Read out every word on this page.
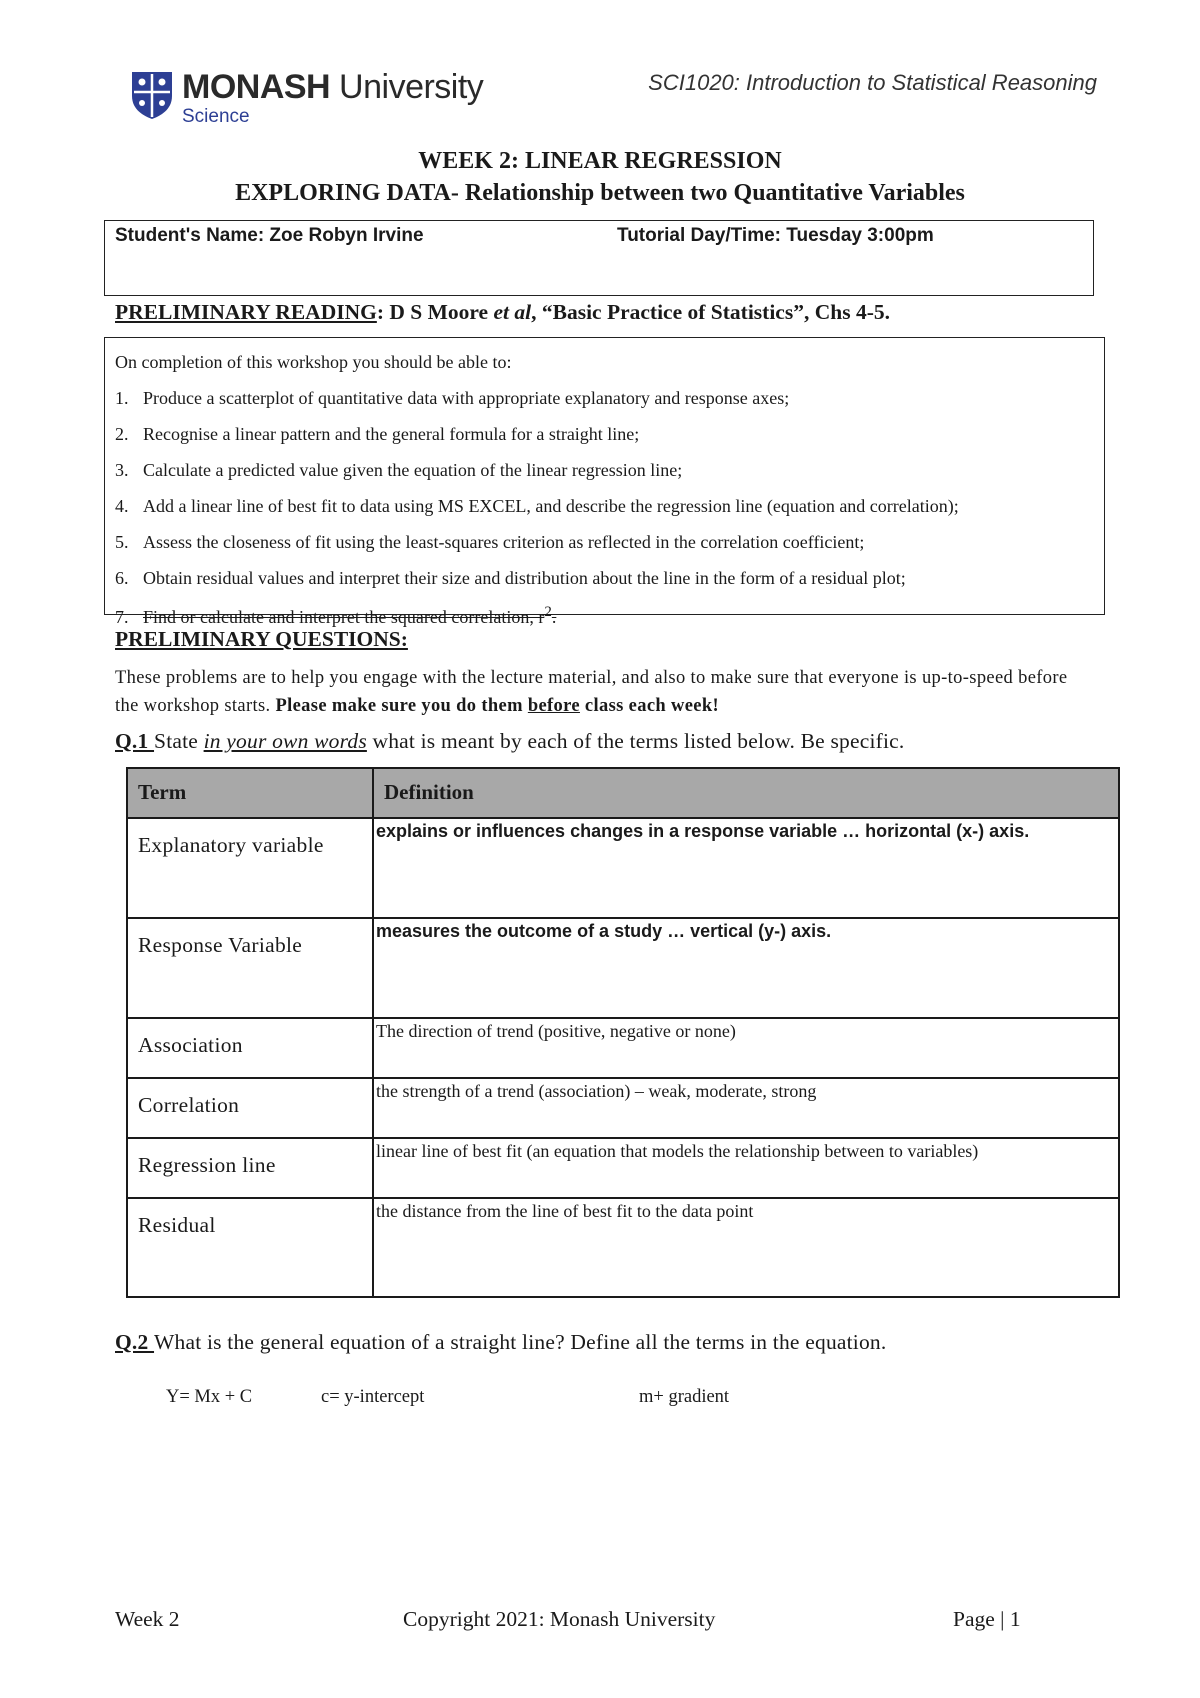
MONASH University
Science
SCI1020: Introduction to Statistical Reasoning
WEEK 2: LINEAR REGRESSION
EXPLORING DATA- Relationship between two Quantitative Variables
Student's Name: Zoe Robyn Irvine	Tutorial Day/Time: Tuesday 3:00pm
PRELIMINARY READING: D S Moore et al, “Basic Practice of Statistics”, Chs 4-5.
On completion of this workshop you should be able to:
1. Produce a scatterplot of quantitative data with appropriate explanatory and response axes;
2. Recognise a linear pattern and the general formula for a straight line;
3. Calculate a predicted value given the equation of the linear regression line;
4. Add a linear line of best fit to data using MS EXCEL, and describe the regression line (equation and correlation);
5. Assess the closeness of fit using the least-squares criterion as reflected in the correlation coefficient;
6. Obtain residual values and interpret their size and distribution about the line in the form of a residual plot;
7. Find or calculate and interpret the squared correlation, $r^2$.
PRELIMINARY QUESTIONS:
These problems are to help you engage with the lecture material, and also to make sure that everyone is up-to-speed before the workshop starts. Please make sure you do them before class each week!
Q.1 State in your own words what is meant by each of the terms listed below. Be specific.
Term	Definition
Explanatory variable	explains or influences changes in a response variable … horizontal (x-) axis.
Response Variable	measures the outcome of a study … vertical (y-) axis.
Association	The direction of trend (positive, negative or none)
Correlation	the strength of a trend (association) – weak, moderate, strong
Regression line	linear line of best fit (an equation that models the relationship between to variables)
Residual	the distance from the line of best fit to the data point
Q.2 What is the general equation of a straight line? Define all the terms in the equation.
Y= Mx + C	c= y-intercept	m+ gradient
Week 2	Copyright 2021: Monash University	Page | 1
